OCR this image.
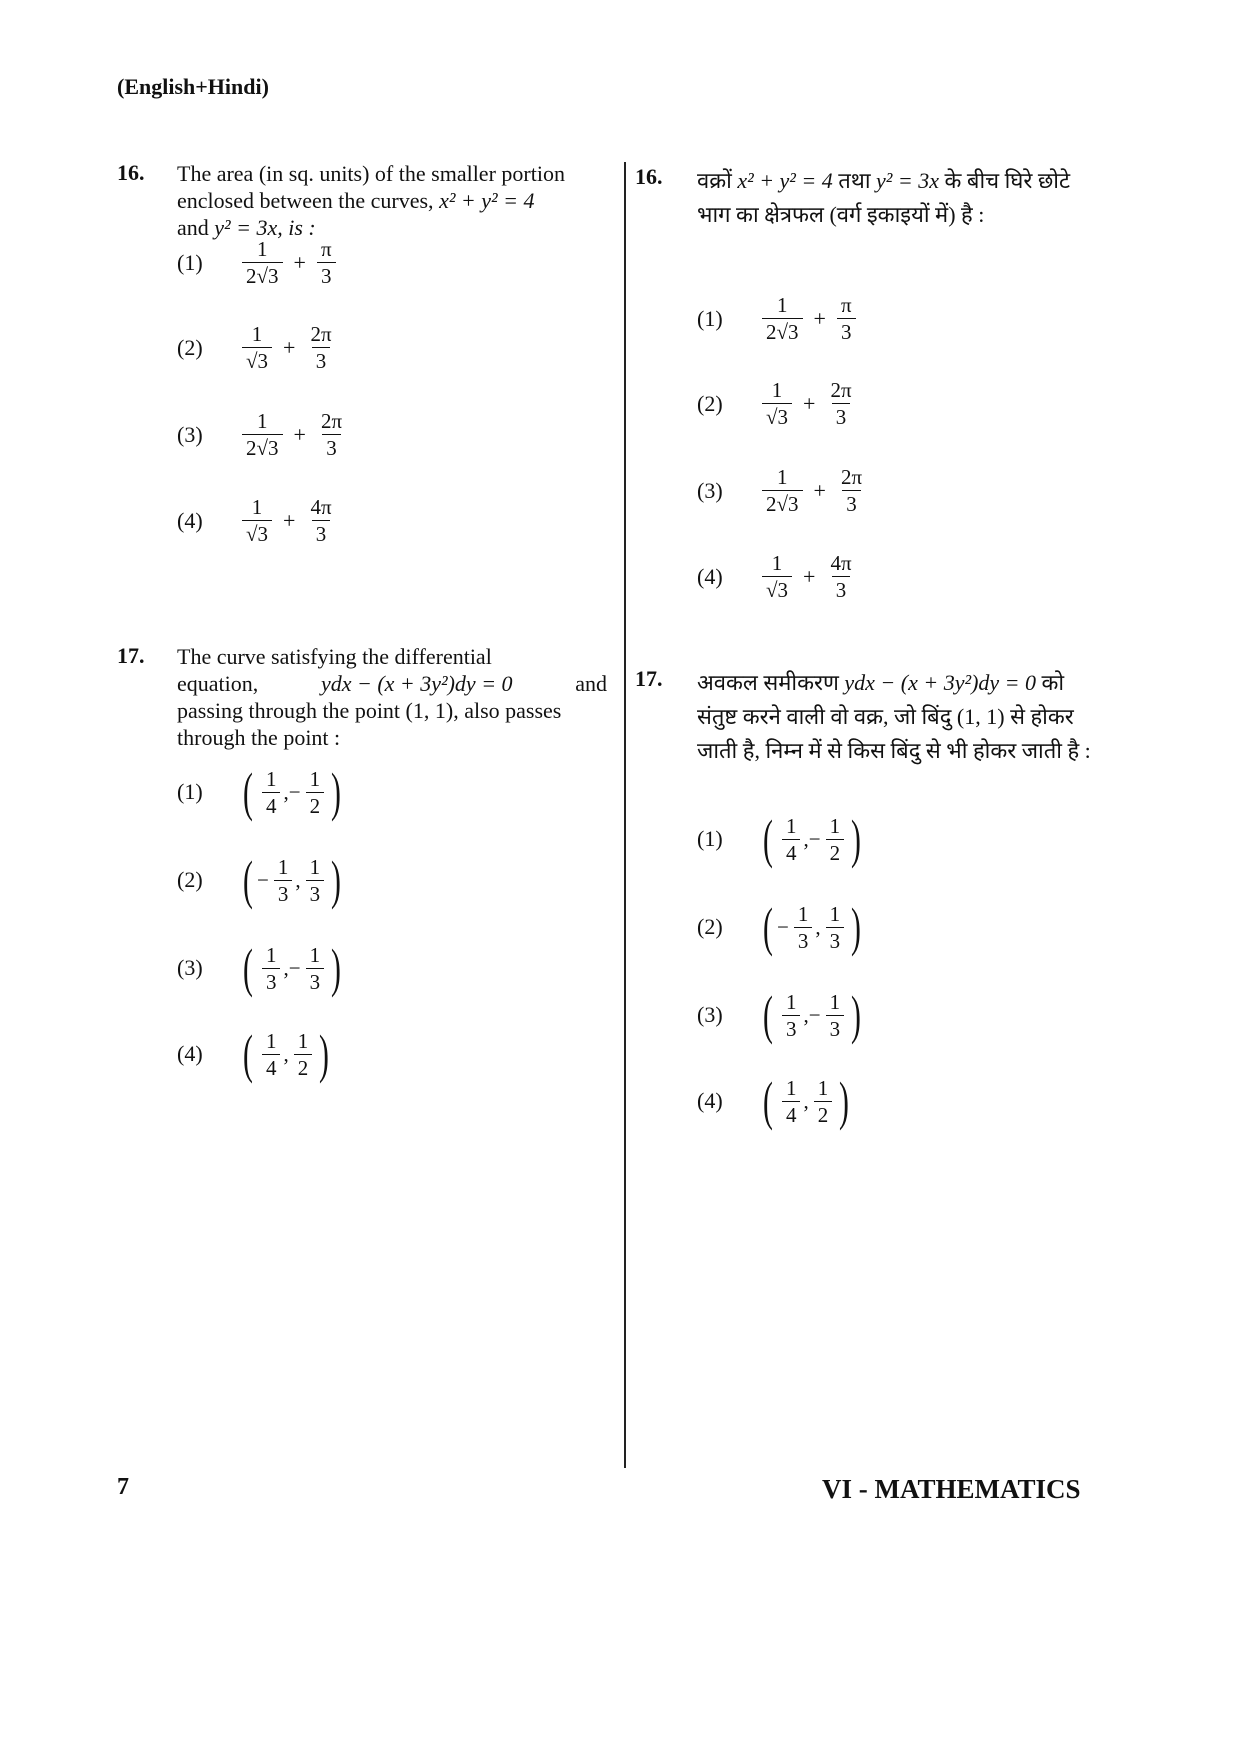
(English+Hindi)
16. The area (in sq. units) of the smaller portion
enclosed between the curves, x² + y² = 4
and y² = 3x, is :
(1)	$\frac{1}{2√3} + \frac{\pi}{3}$
(2)	$\frac{1}{√3} + \frac{2\pi}{3}$
(3)	$\frac{1}{2√3} + \frac{2\pi}{3}$
(4)	$\frac{1}{√3} + \frac{4\pi}{3}$
17. The curve satisfying the differential
equation,	ydx − (x + 3y²)dy = 0	and
passing through the point (1, 1), also passes
through the point :
(1) ( $\frac{1}{4}$ , − $\frac{1}{2}$ )
(2) ( − $\frac{1}{3}$ , $\frac{1}{3}$ )
(3) ( $\frac{1}{3}$ , − $\frac{1}{3}$ )
(4) ( $\frac{1}{4}$ , $\frac{1}{2}$ )
16. वक्रों x² + y² = 4 तथा y² = 3x के बीच घिरे छोटे
भाग का क्षेत्रफल (वर्ग इकाइयों में) है :
(1)	$\frac{1}{2√3} + \frac{\pi}{3}$
(2)	$\frac{1}{√3} + \frac{2\pi}{3}$
(3)	$\frac{1}{2√3} + \frac{2\pi}{3}$
(4)	$\frac{1}{√3} + \frac{4\pi}{3}$
17. अवकल समीकरण ydx − (x + 3y²)dy = 0 को
संतुष्ट करने वाली वो वक्र, जो बिंदु (1, 1) से होकर
जाती है, निम्न में से किस बिंदु से भी होकर जाती है :
(1) ( $\frac{1}{4}$ , − $\frac{1}{2}$ )
(2) ( − $\frac{1}{3}$ , $\frac{1}{3}$ )
(3) ( $\frac{1}{3}$ , − $\frac{1}{3}$ )
(4) ( $\frac{1}{4}$ , $\frac{1}{2}$ )
7	VI - MATHEMATICS
